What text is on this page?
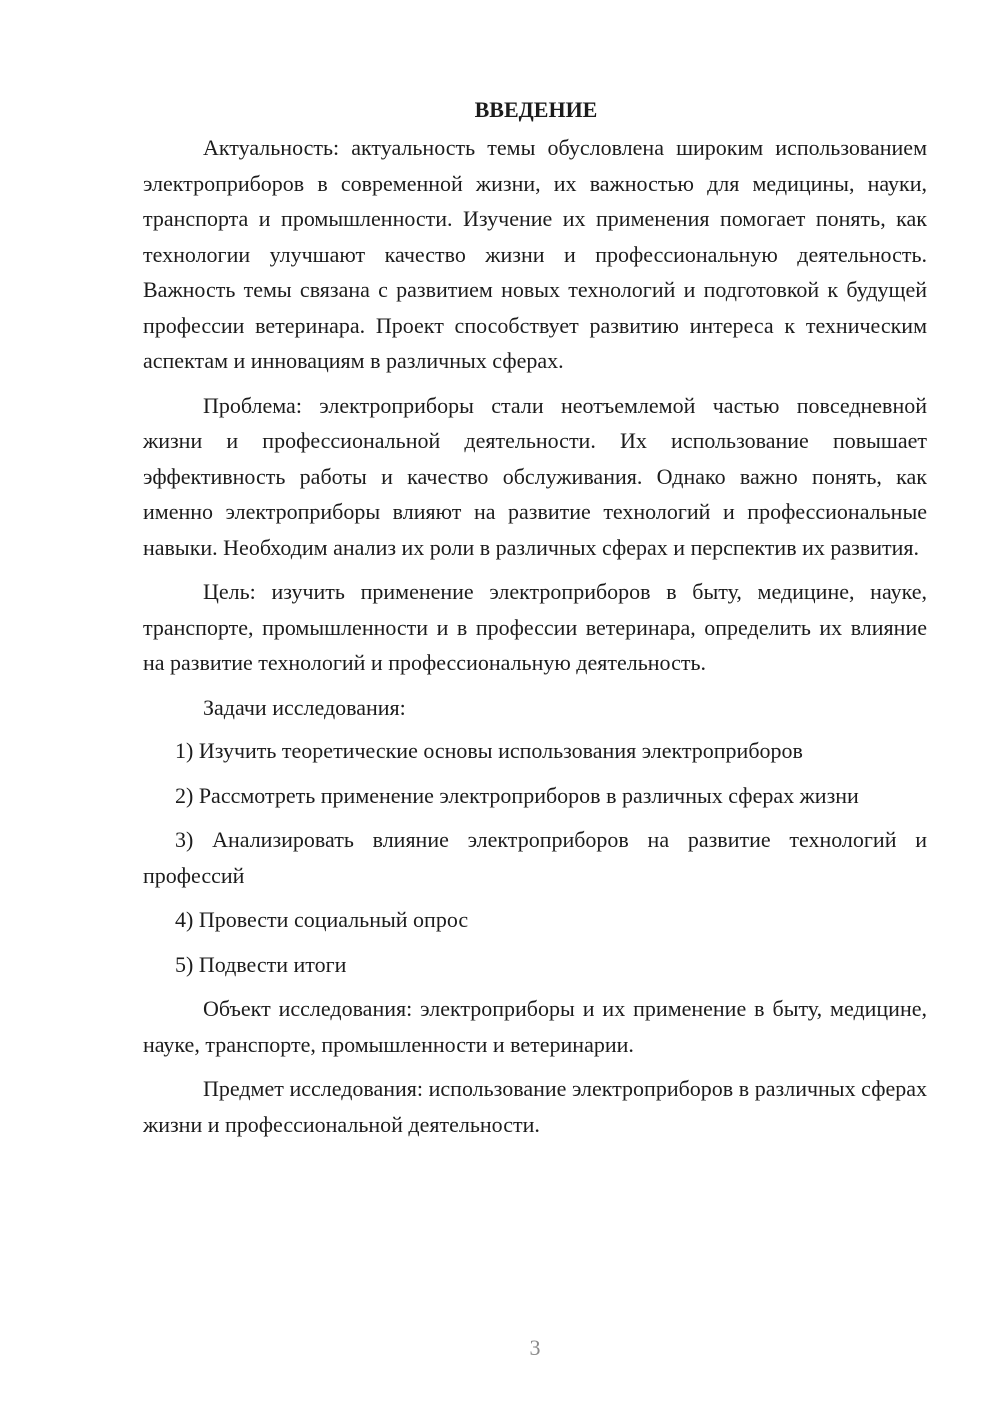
ВВЕДЕНИЕ

Актуальность: актуальность темы обусловлена широким использованием электроприборов в современной жизни, их важностью для медицины, науки, транспорта и промышленности. Изучение их применения помогает понять, как технологии улучшают качество жизни и профессиональную деятельность. Важность темы связана с развитием новых технологий и подготовкой к будущей профессии ветеринара. Проект способствует развитию интереса к техническим аспектам и инновациям в различных сферах.

Проблема: электроприборы стали неотъемлемой частью повседневной жизни и профессиональной деятельности. Их использование повышает эффективность работы и качество обслуживания. Однако важно понять, как именно электроприборы влияют на развитие технологий и профессиональные навыки. Необходим анализ их роли в различных сферах и перспектив их развития.

Цель: изучить применение электроприборов в быту, медицине, науке, транспорте, промышленности и в профессии ветеринара, определить их влияние на развитие технологий и профессиональную деятельность.

Задачи исследования:

1) Изучить теоретические основы использования электроприборов

2) Рассмотреть применение электроприборов в различных сферах жизни

3) Анализировать влияние электроприборов на развитие технологий и профессий

4) Провести социальный опрос

5) Подвести итоги

Объект исследования: электроприборы и их применение в быту, медицине, науке, транспорте, промышленности и ветеринарии.

Предмет исследования: использование электроприборов в различных сферах жизни и профессиональной деятельности.

3
